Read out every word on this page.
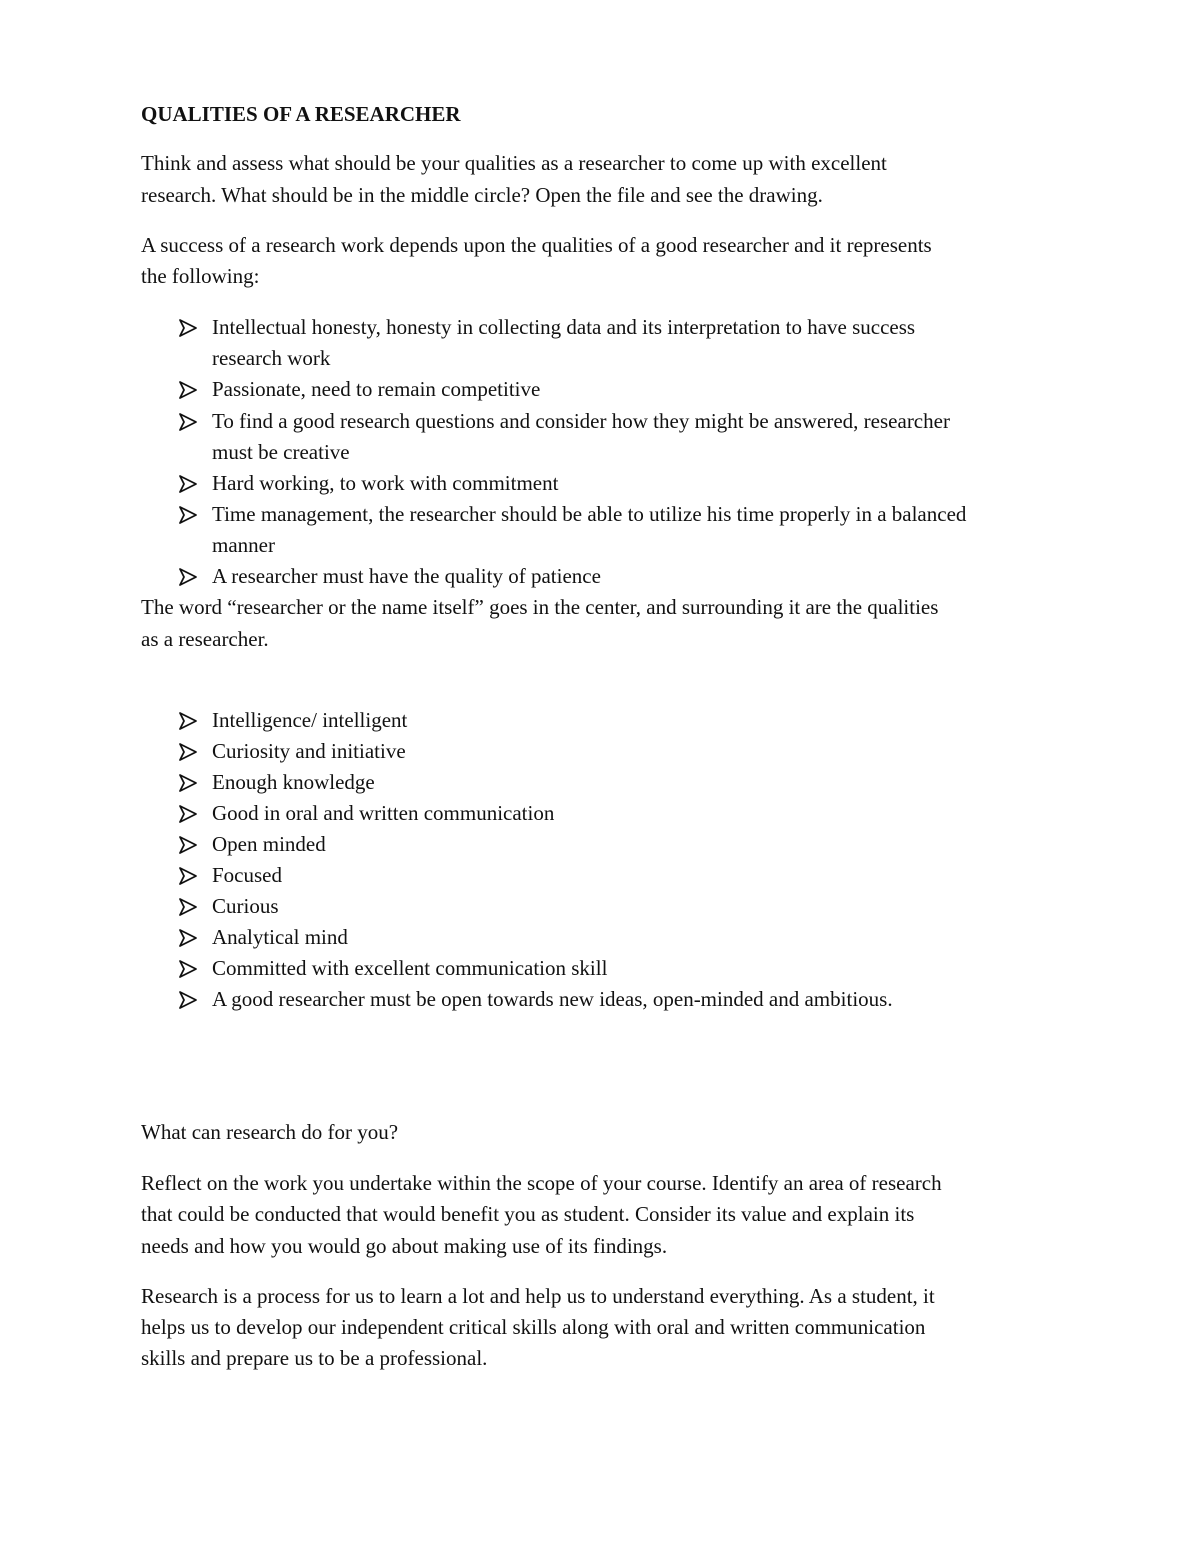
QUALITIES OF A RESEARCHER
Think and assess what should be your qualities as a researcher to come up with excellent
research. What should be in the middle circle? Open the file and see the drawing.
A success of a research work depends upon the qualities of a good researcher and it represents
the following:
Intellectual honesty, honesty in collecting data and its interpretation to have success
research work
Passionate, need to remain competitive
To find a good research questions and consider how they might be answered, researcher
must be creative
Hard working, to work with commitment
Time management, the researcher should be able to utilize his time properly in a balanced
manner
A researcher must have the quality of patience
The word “researcher or the name itself” goes in the center, and surrounding it are the qualities
as a researcher.
Intelligence/ intelligent
Curiosity and initiative
Enough knowledge
Good in oral and written communication
Open minded
Focused
Curious
Analytical mind
Committed with excellent communication skill
A good researcher must be open towards new ideas, open-minded and ambitious.
What can research do for you?
Reflect on the work you undertake within the scope of your course. Identify an area of research
that could be conducted that would benefit you as student. Consider its value and explain its
needs and how you would go about making use of its findings.
Research is a process for us to learn a lot and help us to understand everything. As a student, it
helps us to develop our independent critical skills along with oral and written communication
skills and prepare us to be a professional.
